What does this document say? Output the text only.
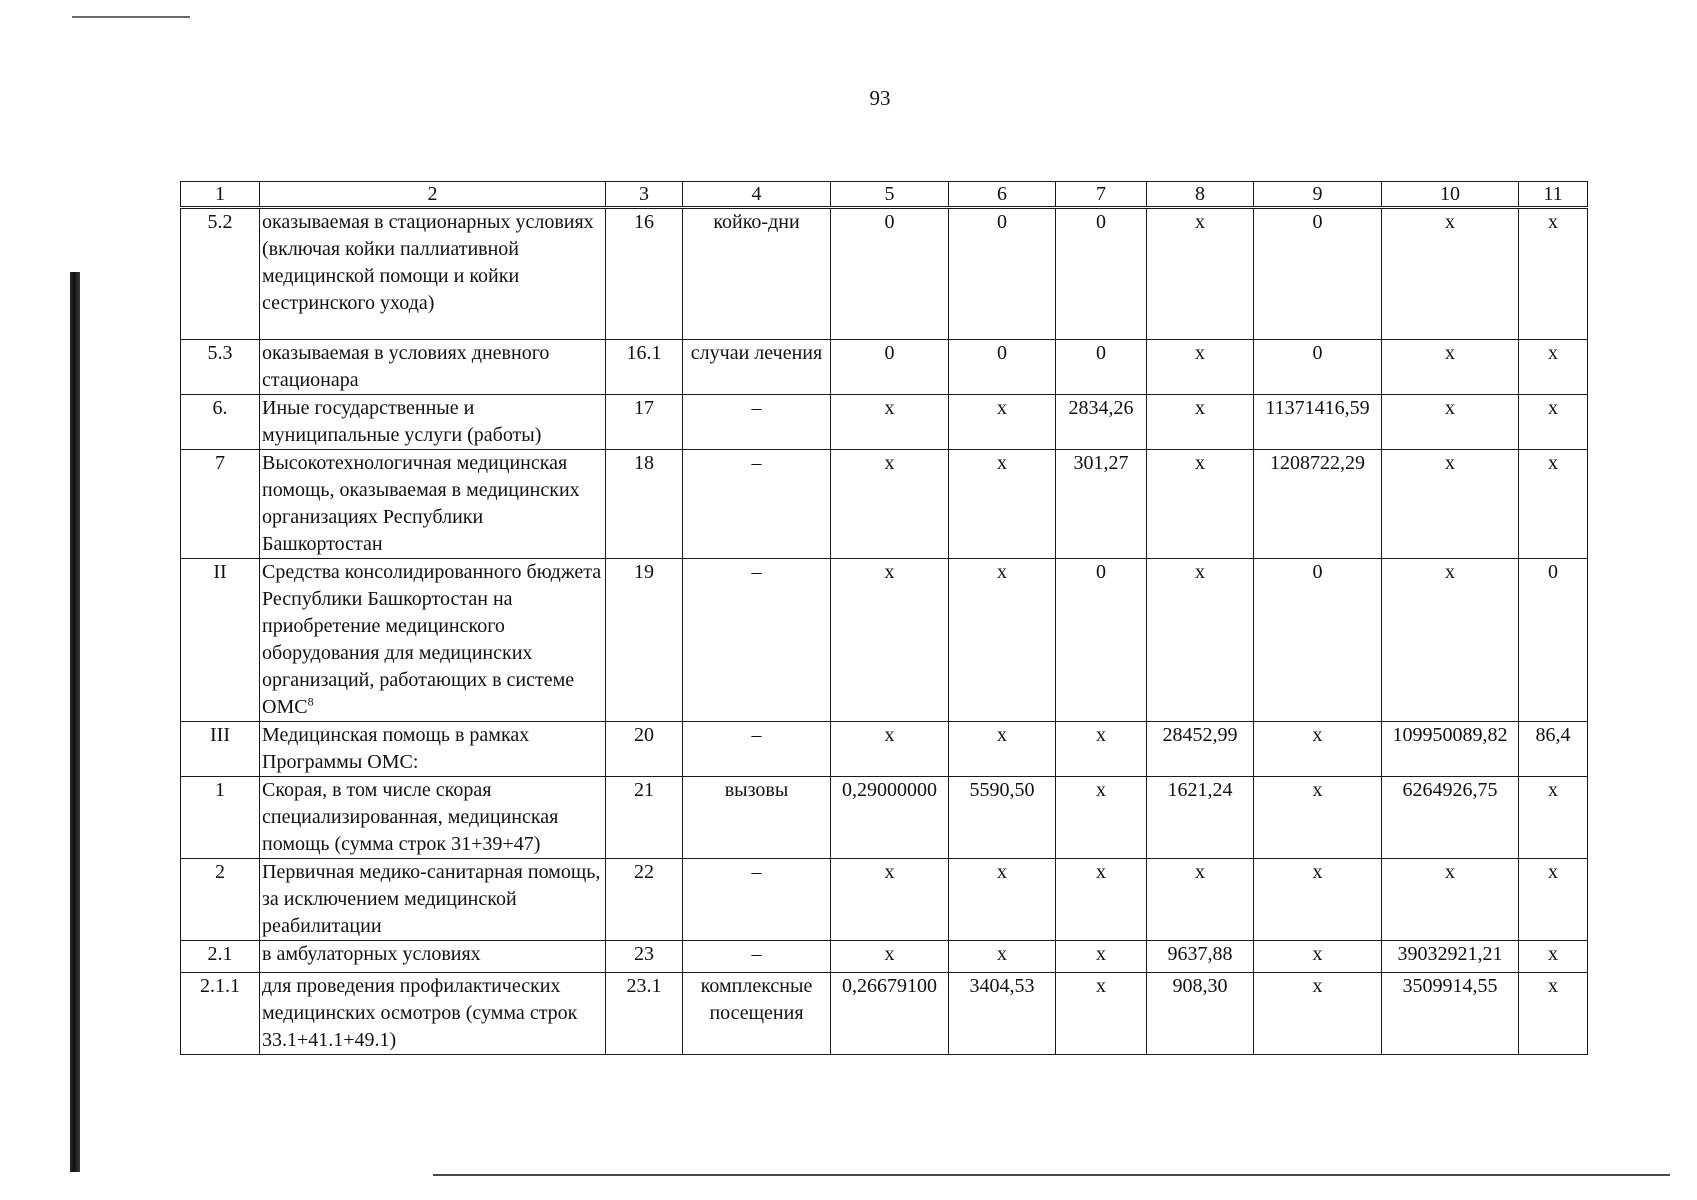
93
1	2	3	4	5	6	7	8	9	10	11
5.2	оказываемая в стационарных условиях (включая койки паллиативной медицинской помощи и койки сестринского ухода)	16	койко-дни	0	0	0	х	0	х	х
5.3	оказываемая в условиях дневного стационара	16.1	случаи лечения	0	0	0	х	0	х	х
6.	Иные государственные и муниципальные услуги (работы)	17	–	х	х	2834,26	х	11371416,59	х	х
7	Высокотехнологичная медицинская помощь, оказываемая в медицинских организациях Республики Башкортостан	18	–	х	х	301,27	х	1208722,29	х	х
II	Средства консолидированного бюджета Республики Башкортостан на приобретение медицинского оборудования для медицинских организаций, работающих в системе ОМС$^8$	19	–	х	х	0	х	0	х	0
III	Медицинская помощь в рамках Программы ОМС:	20	–	х	х	х	28452,99	х	109950089,82	86,4
1	Скорая, в том числе скорая специализированная, медицинская помощь (сумма строк 31+39+47)	21	вызовы	0,29000000	5590,50	х	1621,24	х	6264926,75	х
2	Первичная медико-санитарная помощь, за исключением медицинской реабилитации	22	–	х	х	х	х	х	х	х
2.1	в амбулаторных условиях	23	–	х	х	х	9637,88	х	39032921,21	х
2.1.1	для проведения профилактических медицинских осмотров (сумма строк 33.1+41.1+49.1)	23.1	комплексные посещения	0,26679100	3404,53	х	908,30	х	3509914,55	х
